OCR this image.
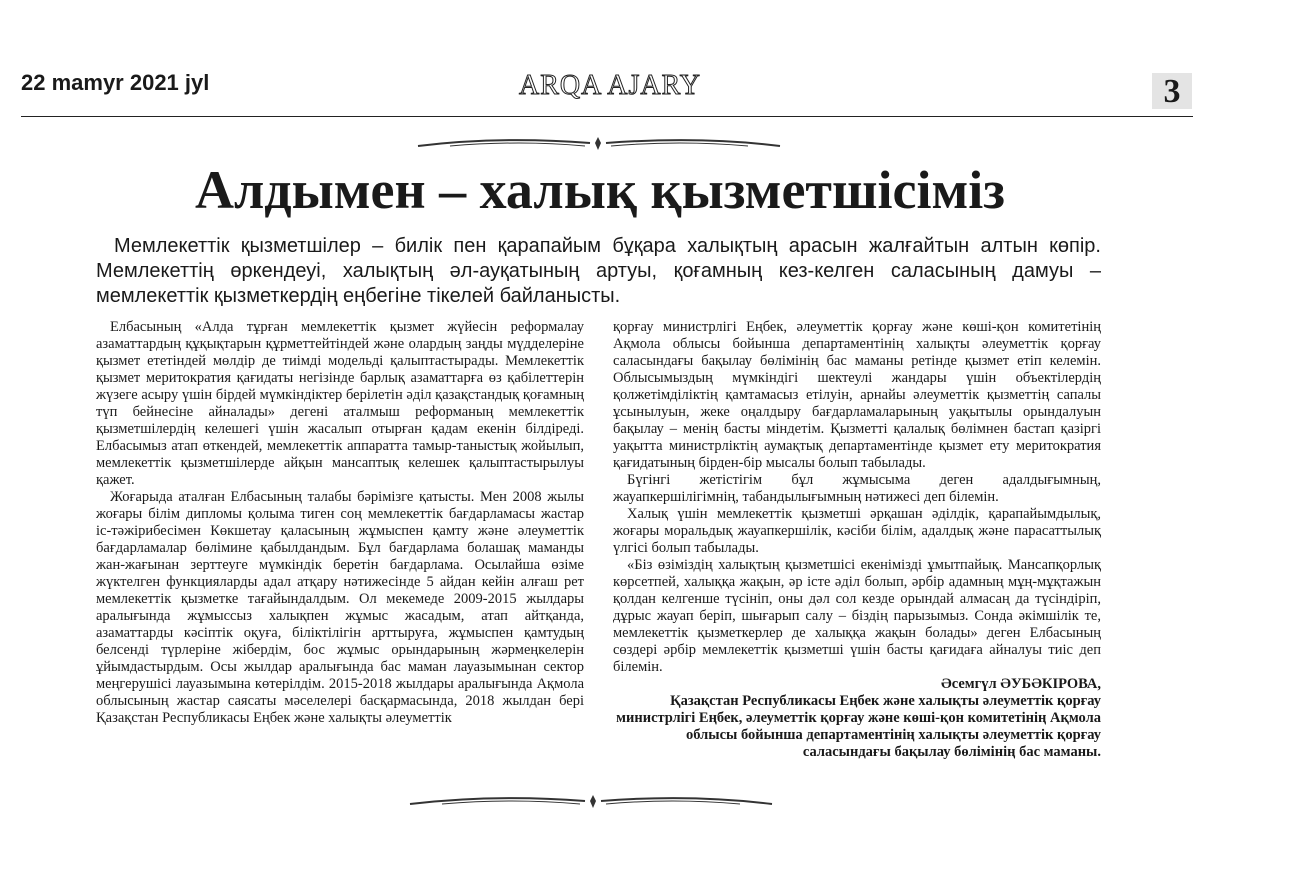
22 mamyr 2021 jyl	ARQA AJARY	3
Алдымен – халық қызметшісіміз

Мемлекеттік қызметшілер – билік пен қарапайым бұқара халықтың арасын жалғайтын алтын көпір. Мемлекеттің өркендеуі, халықтың әл-ауқатының артуы, қоғамның кез-келген саласының дамуы – мемлекеттік қызметкердің еңбегіне тікелей байланысты.

Елбасының «Алда тұрған мемлекеттік қызмет жүйесін реформалау азаматтардың құқықтарын құрметтейтіндей және олардың заңды мүдделеріне қызмет ететіндей мөлдір де тиімді модельді қалыптастырады. Мемлекеттік қызмет меритократия қағидаты негізінде барлық азаматтарға өз қабілеттерін жүзеге асыру үшін бірдей мүмкіндіктер берілетін әділ қазақстандық қоғамның түп бейнесіне айналады» дегені аталмыш реформаның мемлекеттік қызметшілердің келешегі үшін жасалып отырған қадам екенін білдіреді. Елбасымыз атап өткендей, мемлекеттік аппаратта тамыр-таныстық жойылып, мемлекеттік қызметшілерде айқын мансаптық келешек қалыптастырылуы қажет.

Жоғарыда аталған Елбасының талабы бәрімізге қатысты. Мен 2008 жылы жоғары білім дипломы қолыма тиген соң мемлекеттік бағдарламасы жастар іс-тәжірибесімен Көкшетау қаласының жұмыспен қамту және әлеуметтік бағдарламалар бөлімине қабылдандым. Бұл бағдарлама болашақ маманды жан-жағынан зерттеуге мүмкіндік беретін бағдарлама. Осылайша өзіме жүктелген функцияларды адал атқару нәтижесінде 5 айдан кейін алғаш рет мемлекеттік қызметке тағайындалдым. Ол мекемеде 2009-2015 жылдары аралығында жұмыссыз халықпен жұмыс жасадым, атап айтқанда, азаматтарды кәсіптік оқуға, біліктілігін арттыруға, жұмыспен қамтудың белсенді түрлеріне жібердім, бос жұмыс орындарының жәрмеңкелерін ұйымдастырдым. Осы жылдар аралығында бас маман лауазымынан сектор меңгерушісі лауазымына көтерілдім. 2015-2018 жылдары аралығында Ақмола облысының жастар саясаты мәселелері басқармасында, 2018 жылдан бері Қазақстан Республикасы Еңбек және халықты әлеуметтік

қорғау министрлігі Еңбек, әлеуметтік қорғау және көші-қон комитетінің Ақмола облысы бойынша департаментінің халықты әлеуметтік қорғау саласындағы бақылау бөлімінің бас маманы ретінде қызмет етіп келемін. Облысымыздың мүмкіндігі шектеулі жандары үшін объектілердің қолжетімділіктің қамтамасыз етілуін, арнайы әлеуметтік қызметтің сапалы ұсынылуын, жеке оңалдыру бағдарламаларының уақытылы орындалуын бақылау – менің басты міндетім. Қызметті қалалық бөлімнен бастап қазіргі уақытта министрліктің аумақтық департаментінде қызмет ету меритократия қағидатының бірден-бір мысалы болып табылады.

Бүгінгі жетістігім бұл жұмысыма деген адалдығымның, жауапкершілігімнің, табандылығымның нәтижесі деп білемін.

Халық үшін мемлекеттік қызметші әрқашан әділдік, қарапайымдылық, жоғары моральдық жауапкершілік, кәсіби білім, адалдық және парасаттылық үлгісі болып табылады.

«Біз өзіміздің халықтың қызметшісі екенімізді ұмытпайық. Мансапқорлық көрсетпей, халыққа жақын, әр істе әділ болып, әрбір адамның мұң-мұқтажын қолдан келгенше түсініп, оны дәл сол кезде орындай алмасаң да түсіндіріп, дұрыс жауап беріп, шығарып салу – біздің парызымыз. Сонда әкімшілік те, мемлекеттік қызметкерлер де халыққа жақын болады» деген Елбасының сөздері әрбір мемлекеттік қызметші үшін басты қағидаға айналуы тиіс деп білемін.

Әсемгүл ӘУБӘКІРОВА,

Қазақстан Республикасы Еңбек және халықты әлеуметтік қорғау министрлігі Еңбек, әлеуметтік қорғау және көші-қон комитетінің Ақмола облысы бойынша департаментінің халықты әлеуметтік қорғау саласындағы бақылау бөлімінің бас маманы.
